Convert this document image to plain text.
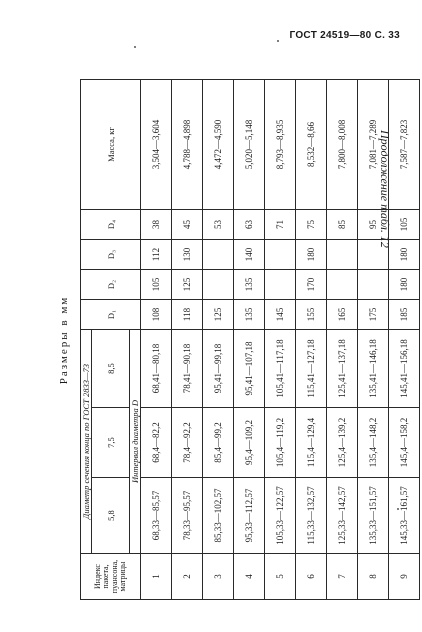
ГОСТ 24519—80 С. 33
Продолжение табл. 12
Размеры в мм
Индекс пакета, пуансона, матрицы	Диаметр сечения конца по ГОСТ 2833—73			D₁	D₂	D₃	D₄	Масса, кг
	5,8	7,5	8,5					
	Интервал диаметра D							
1	68,33—85,57	68,4—82,2	68,41—80,18	108	105	112	38	3,504—3,604
2	78,33—95,57	78,4—92,2	78,41—90,18	118	125	130	45	4,788—4,898
3	85,33—102,57	85,4—99,2	95,41—99,18	125			53	4,472—4,590
4	95,33—112,57	95,4—109,2	95,41—107,18	135	135	140	63	5,020—5,148
5	105,33—122,57	105,4—119,2	105,41—117,18	145			71	8,793—8,935
6	115,33—132,57	115,4—129,4	115,41—127,18	155	170	180	75	8,532—8,66
7	125,33—142,57	125,4—139,2	125,41—137,18	165			85	7,800—8,008
8	135,33—151,57	135,4—148,2	135,41—146,18	175			95	7,081—7,289
9	145,33—161,57	145,4—158,2	145,41—156,18	185	180	180	105	7,587—7,823
